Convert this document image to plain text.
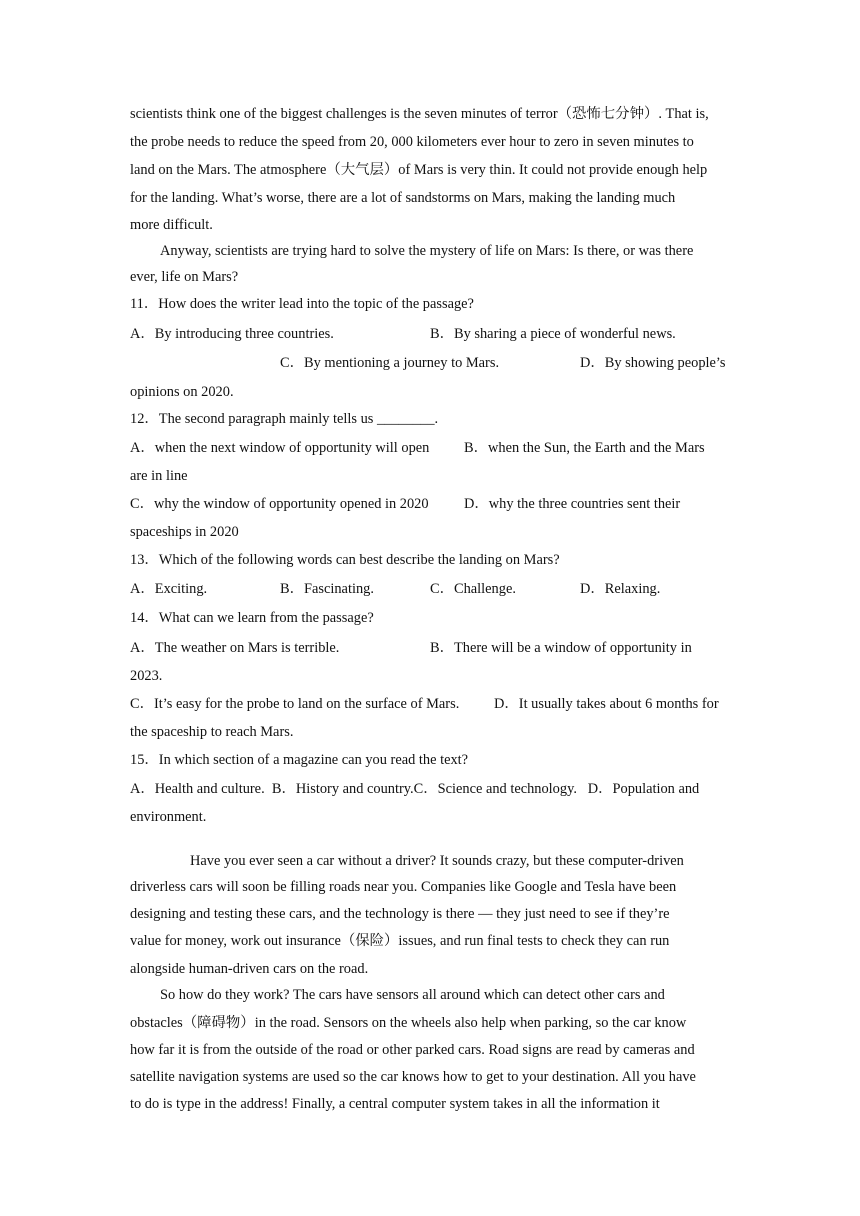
scientists think one of the biggest challenges is the seven minutes of terror（恐怖七分钟）. That is,
the probe needs to reduce the speed from 20, 000 kilometers ever hour to zero in seven minutes to
land on the Mars. The atmosphere（大气层）of Mars is very thin. It could not provide enough help
for the landing. What’s worse, there are a lot of sandstorms on Mars, making the landing much
more difficult.
Anyway, scientists are trying hard to solve the mystery of life on Mars: Is there, or was there
ever, life on Mars?
11．How does the writer lead into the topic of the passage?
A．By introducing three countries.	B．By sharing a piece of wonderful news.
C．By mentioning a journey to Mars.	D．By showing people’s
opinions on 2020.
12．The second paragraph mainly tells us ________.
A．when the next window of opportunity will open B．when the Sun, the Earth and the Mars
are in line
C．why the window of opportunity opened in 2020 D．why the three countries sent their
spaceships in 2020
13．Which of the following words can best describe the landing on Mars?
A．Exciting.	B．Fascinating.	C．Challenge.	D．Relaxing.
14．What can we learn from the passage?
A．The weather on Mars is terrible.	B．There will be a window of opportunity in
2023.
C．It’s easy for the probe to land on the surface of Mars. D．It usually takes about 6 months for
the spaceship to reach Mars.
15．In which section of a magazine can you read the text?
A．Health and culture.  B．History and country.C．Science and technology.   D．Population and
environment.
Have you ever seen a car without a driver? It sounds crazy, but these computer-driven
driverless cars will soon be filling roads near you. Companies like Google and Tesla have been
designing and testing these cars, and the technology is there — they just need to see if they’re
value for money, work out insurance（保险）issues, and run final tests to check they can run
alongside human-driven cars on the road.
So how do they work? The cars have sensors all around which can detect other cars and
obstacles（障碍物）in the road. Sensors on the wheels also help when parking, so the car know
how far it is from the outside of the road or other parked cars. Road signs are read by cameras and
satellite navigation systems are used so the car knows how to get to your destination. All you have
to do is type in the address! Finally, a central computer system takes in all the information it
